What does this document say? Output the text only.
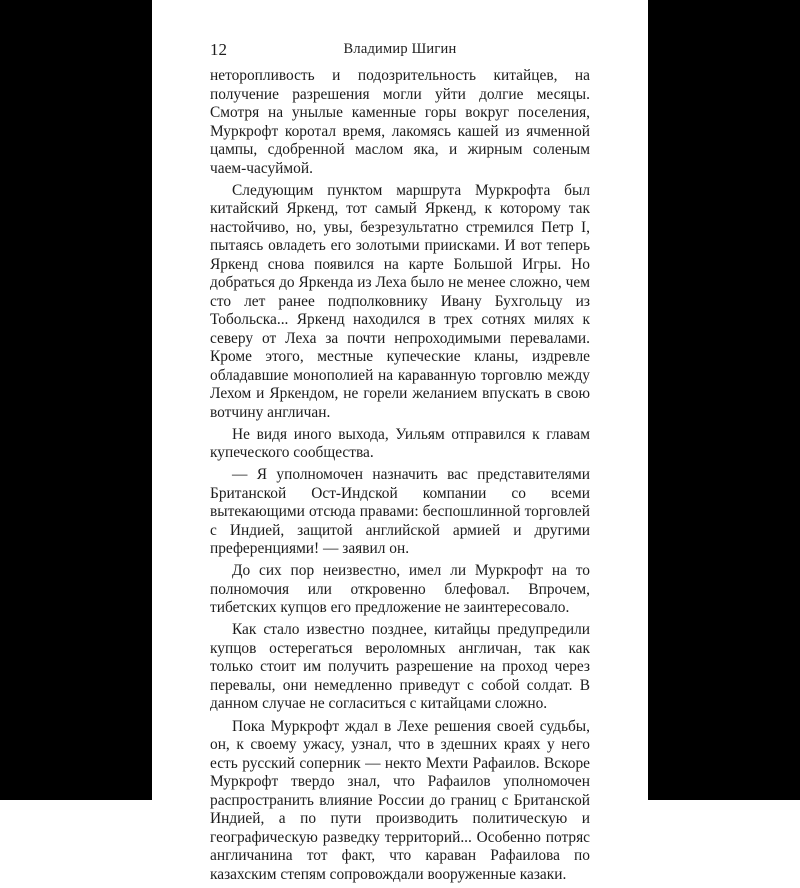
12	Владимир Шигин

неторопливость и подозрительность китайцев, на получение разрешения могли уйти долгие месяцы. Смотря на унылые каменные горы вокруг поселения, Муркрофт коротал время, лакомясь кашей из ячменной цампы, сдобренной маслом яка, и жирным соленым чаем-часуймой.

Следующим пунктом маршрута Муркрофта был китайский Яркенд, тот самый Яркенд, к которому так настойчиво, но, увы, безрезультатно стремился Петр I, пытаясь овладеть его золотыми приисками. И вот теперь Яркенд снова появился на карте Большой Игры. Но добраться до Яркенда из Леха было не менее сложно, чем сто лет ранее подполковнику Ивану Бухгольцу из Тобольска... Яркенд находился в трех сотнях милях к северу от Леха за почти непроходимыми перевалами. Кроме этого, местные купеческие кланы, издревле обладавшие монополией на караванную торговлю между Лехом и Яркендом, не горели желанием впускать в свою вотчину англичан.

Не видя иного выхода, Уильям отправился к главам купеческого сообщества.

— Я уполномочен назначить вас представителями Британской Ост-Индской компании со всеми вытекающими отсюда правами: беспошлинной торговлей с Индией, защитой английской армией и другими преференциями! — заявил он.

До сих пор неизвестно, имел ли Муркрофт на то полномочия или откровенно блефовал. Впрочем, тибетских купцов его предложение не заинтересовало.

Как стало известно позднее, китайцы предупредили купцов остерегаться вероломных англичан, так как только стоит им получить разрешение на проход через перевалы, они немедленно приведут с собой солдат. В данном случае не согласиться с китайцами сложно.

Пока Муркрофт ждал в Лехе решения своей судьбы, он, к своему ужасу, узнал, что в здешних краях у него есть русский соперник — некто Мехти Рафаилов. Вскоре Муркрофт твердо знал, что Рафаилов уполномочен распространить влияние России до границ с Британской Индией, а по пути производить политическую и географическую разведку территорий... Особенно потряс англичанина тот факт, что караван Рафаилова по казахским степям сопровождали вооруженные казаки.
